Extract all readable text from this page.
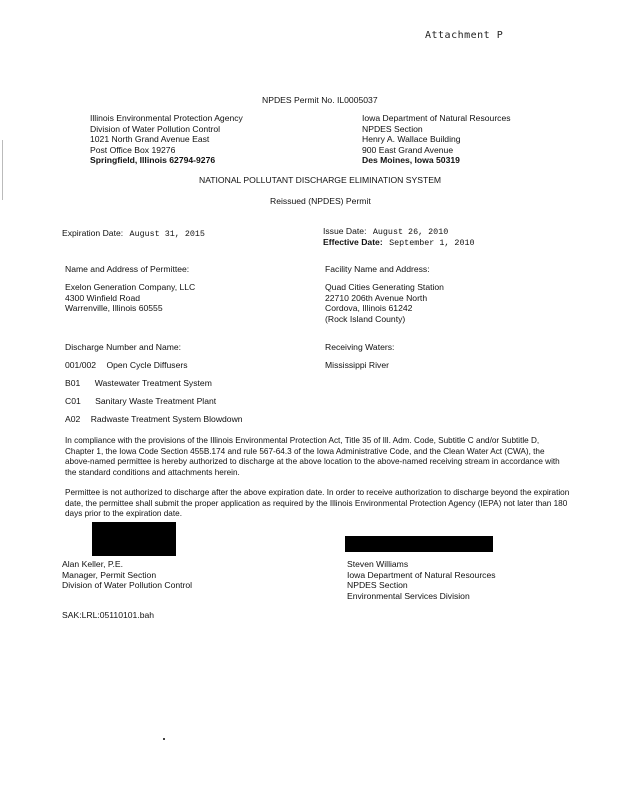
Attachment P
NPDES Permit No. IL0005037
Illinois Environmental Protection Agency
Division of Water Pollution Control
1021 North Grand Avenue East
Post Office Box 19276
Springfield, Illinois 62794-9276
Iowa Department of Natural Resources
NPDES Section
Henry A. Wallace Building
900 East Grand Avenue
Des Moines, Iowa 50319
NATIONAL POLLUTANT DISCHARGE ELIMINATION SYSTEM
Reissued (NPDES) Permit
Expiration Date: August 31, 2015	Issue Date: August 26, 2010
Effective Date: September 1, 2010
Name and Address of Permittee:
Exelon Generation Company, LLC
4300 Winfield Road
Warrenville, Illinois 60555
Facility Name and Address:
Quad Cities Generating Station
22710 206th Avenue North
Cordova, Illinois 61242
(Rock Island County)
Discharge Number and Name:	Receiving Waters:
001/002 Open Cycle Diffusers	Mississippi River
B01 Wastewater Treatment System
C01 Sanitary Waste Treatment Plant
A02 Radwaste Treatment System Blowdown
In compliance with the provisions of the Illinois Environmental Protection Act, Title 35 of Ill. Adm. Code, Subtitle C and/or Subtitle D, Chapter 1, the Iowa Code Section 455B.174 and rule 567-64.3 of the Iowa Administrative Code, and the Clean Water Act (CWA), the above-named permittee is hereby authorized to discharge at the above location to the above-named receiving stream in accordance with the standard conditions and attachments herein.
Permittee is not authorized to discharge after the above expiration date. In order to receive authorization to discharge beyond the expiration date, the permittee shall submit the proper application as required by the Illinois Environmental Protection Agency (IEPA) not later than 180 days prior to the expiration date.
Alan Keller, P.E.
Manager, Permit Section
Division of Water Pollution Control
Steven Williams
Iowa Department of Natural Resources
NPDES Section
Environmental Services Division
SAK:LRL:05110101.bah
